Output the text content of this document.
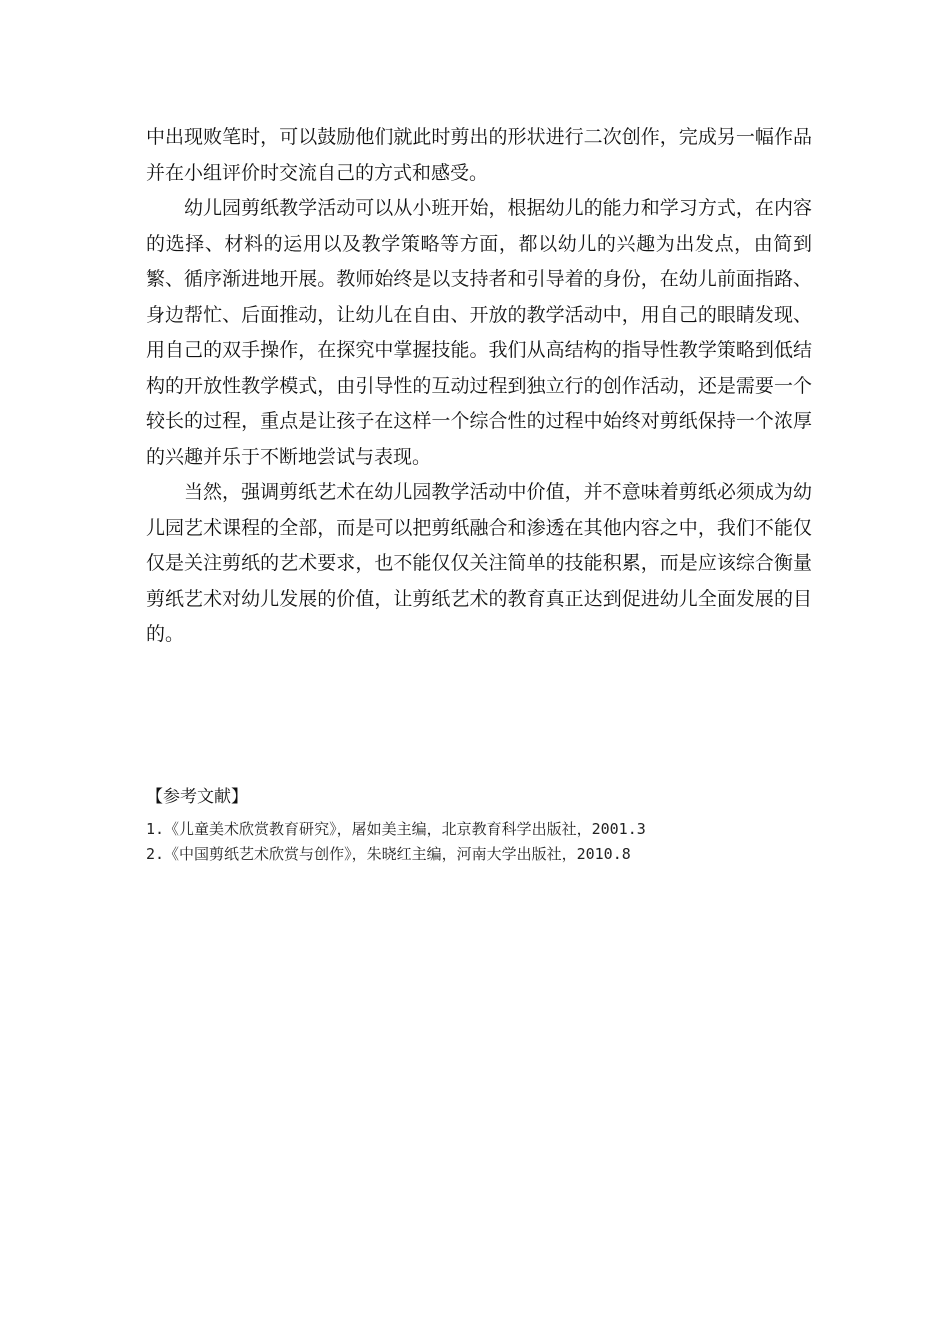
中出现败笔时，可以鼓励他们就此时剪出的形状进行二次创作，完成另一幅作品并在小组评价时交流自己的方式和感受。

幼儿园剪纸教学活动可以从小班开始，根据幼儿的能力和学习方式，在内容的选择、材料的运用以及教学策略等方面，都以幼儿的兴趣为出发点，由简到繁、循序渐进地开展。教师始终是以支持者和引导着的身份，在幼儿前面指路、身边帮忙、后面推动，让幼儿在自由、开放的教学活动中，用自己的眼睛发现、用自己的双手操作，在探究中掌握技能。我们从高结构的指导性教学策略到低结构的开放性教学模式，由引导性的互动过程到独立行的创作活动，还是需要一个较长的过程，重点是让孩子在这样一个综合性的过程中始终对剪纸保持一个浓厚的兴趣并乐于不断地尝试与表现。

当然，强调剪纸艺术在幼儿园教学活动中价值，并不意味着剪纸必须成为幼儿园艺术课程的全部，而是可以把剪纸融合和渗透在其他内容之中，我们不能仅仅是关注剪纸的艺术要求，也不能仅仅关注简单的技能积累，而是应该综合衡量剪纸艺术对幼儿发展的价值，让剪纸艺术的教育真正达到促进幼儿全面发展的目的。

【参考文献】
1.《儿童美术欣赏教育研究》，屠如美主编，北京教育科学出版社，2001.3
2.《中国剪纸艺术欣赏与创作》，朱晓红主编，河南大学出版社，2010.8
